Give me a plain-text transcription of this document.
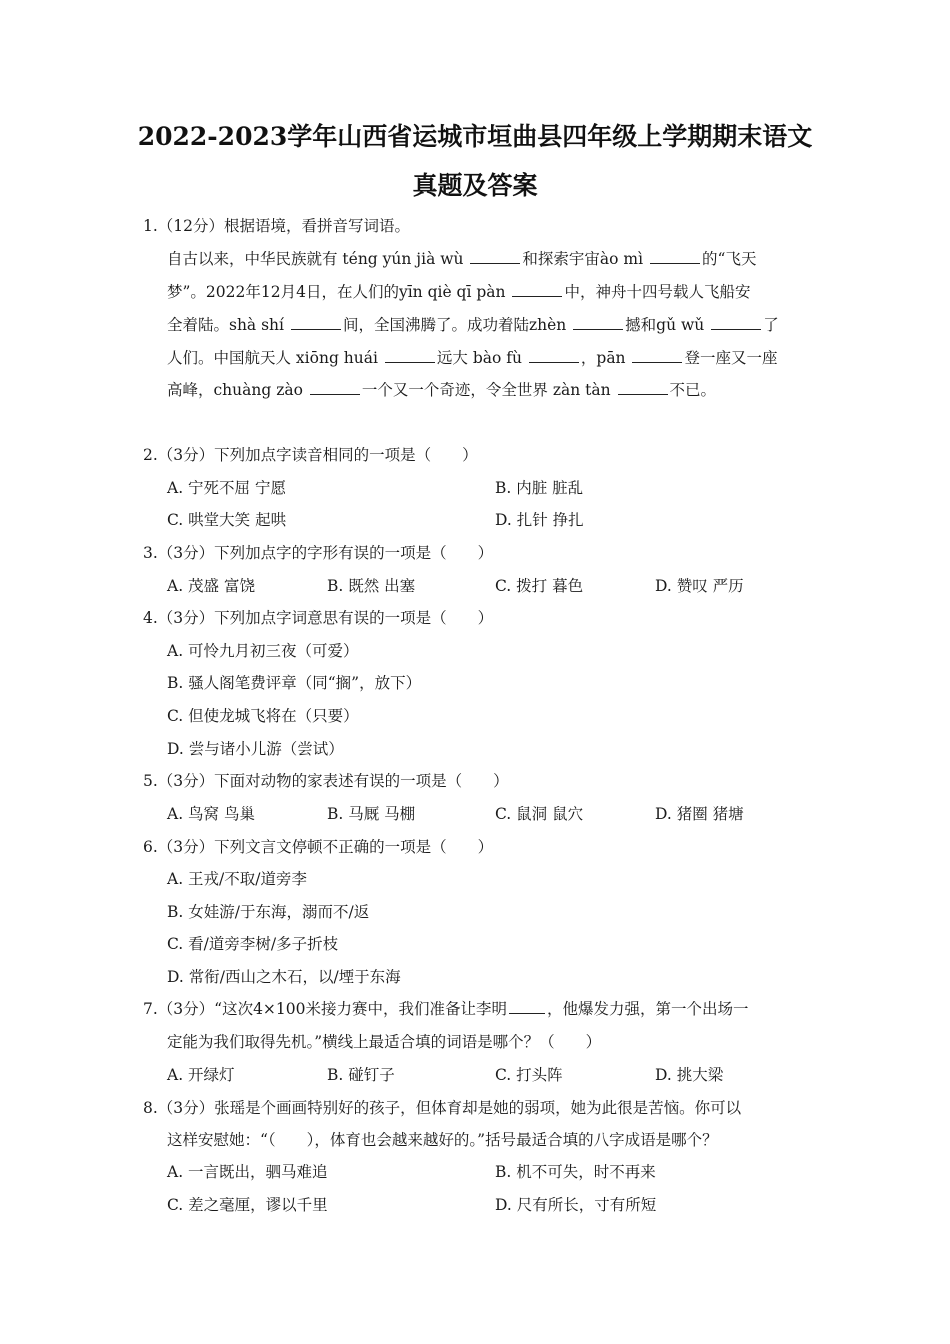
2022-2023学年山西省运城市垣曲县四年级上学期期末语文
真题及答案
1.（12分）根据语境，看拼音写词语。
自古以来，中华民族就有 téng yún jià wù	和探索宇宙ào mì	的“飞天
梦”。2022年12月4日，在人们的yīn qiè qī pàn	中，神舟十四号载人飞船安
全着陆。shà shí	间，全国沸腾了。成功着陆zhèn	撼和gǔ wǔ	了
人们。中国航天人 xiōng huái	远大 bào fù	，pān	登一座又一座
高峰，chuàng zào	一个又一个奇迹，令全世界 zàn tàn	不已。
2.（3分）下列加点字读音相同的一项是（　　）
A. 宁死不屈 宁愿	B. 内脏 脏乱
C. 哄堂大笑 起哄	D. 扎针 挣扎
3.（3分）下列加点字的字形有误的一项是（　　）
A. 茂盛 富饶	B. 既然 出塞	C. 拨打 暮色	D. 赞叹 严历
4.（3分）下列加点字词意思有误的一项是（　　）
A. 可怜九月初三夜（可爱）
B. 骚人阁笔费评章（同“搁”，放下）
C. 但使龙城飞将在（只要）
D. 尝与诸小儿游（尝试）
5.（3分）下面对动物的家表述有误的一项是（　　）
A. 鸟窝 鸟巢	B. 马厩 马棚	C. 鼠洞 鼠穴	D. 猪圈 猪塘
6.（3分）下列文言文停顿不正确的一项是（　　）
A. 王戎/不取/道旁李
B. 女娃游/于东海，溺而不/返
C. 看/道旁李树/多子折枝
D. 常衔/西山之木石，以/堙于东海
7.（3分）“这次4×100米接力赛中，我们准备让李明	，他爆发力强，第一个出场一
定能为我们取得先机。”横线上最适合填的词语是哪个？（　　）
A. 开绿灯	B. 碰钉子	C. 打头阵	D. 挑大梁
8.（3分）张瑶是个画画特别好的孩子，但体育却是她的弱项，她为此很是苦恼。你可以
这样安慰她：“（　　），体育也会越来越好的。”括号最适合填的八字成语是哪个？
A. 一言既出，驷马难追	B. 机不可失，时不再来
C. 差之毫厘，谬以千里	D. 尺有所长，寸有所短
